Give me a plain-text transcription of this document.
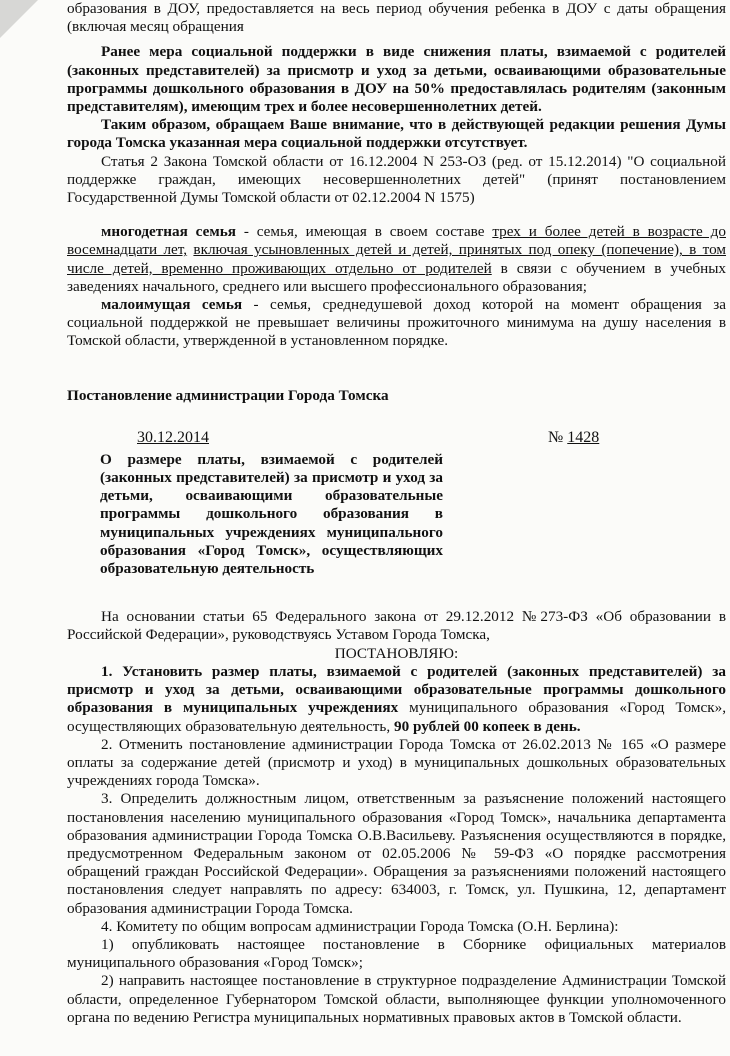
образования в ДОУ, предоставляется на весь период обучения ребенка в ДОУ с даты обращения (включая месяц обращения

Ранее мера социальной поддержки в виде снижения платы, взимаемой с родителей (законных представителей) за присмотр и уход за детьми, осваивающими образовательные программы дошкольного образования в ДОУ на 50% предоставлялась родителям (законным представителям), имеющим трех и более несовершеннолетних детей.

Таким образом, обращаем Ваше внимание, что в действующей редакции решения Думы города Томска указанная мера социальной поддержки отсутствует.

Статья 2 Закона Томской области от 16.12.2004 N 253-ОЗ (ред. от 15.12.2014) "О социальной поддержке граждан, имеющих несовершеннолетних детей" (принят постановлением Государственной Думы Томской области от 02.12.2004 N 1575)

многодетная семья - семья, имеющая в своем составе трех и более детей в возрасте до восемнадцати лет, включая усыновленных детей и детей, принятых под опеку (попечение), в том числе детей, временно проживающих отдельно от родителей в связи с обучением в учебных заведениях начального, среднего или высшего профессионального образования;

малоимущая семья - семья, среднедушевой доход которой на момент обращения за социальной поддержкой не превышает величины прожиточного минимума на душу населения в Томской области, утвержденной в установленном порядке.

Постановление администрации Города Томска

30.12.2014	№ 1428

О размере платы, взимаемой с родителей (законных представителей) за присмотр и уход за детьми, осваивающими образовательные программы дошкольного образования в муниципальных учреждениях муниципального образования «Город Томск», осуществляющих образовательную деятельность

На основании статьи 65 Федерального закона от 29.12.2012 №273-ФЗ «Об образовании в Российской Федерации», руководствуясь Уставом Города Томска,

ПОСТАНОВЛЯЮ:

1. Установить размер платы, взимаемой с родителей (законных представителей) за присмотр и уход за детьми, осваивающими образовательные программы дошкольного образования в муниципальных учреждениях муниципального образования «Город Томск», осуществляющих образовательную деятельность, 90 рублей 00 копеек в день.

2. Отменить постановление администрации Города Томска от 26.02.2013 № 165 «О размере оплаты за содержание детей (присмотр и уход) в муниципальных дошкольных образовательных учреждениях города Томска».

3. Определить должностным лицом, ответственным за разъяснение положений настоящего постановления населению муниципального образования «Город Томск», начальника департамента образования администрации Города Томска О.В.Васильеву. Разъяснения осуществляются в порядке, предусмотренном Федеральным законом от 02.05.2006 № 59-ФЗ «О порядке рассмотрения обращений граждан Российской Федерации». Обращения за разъяснениями положений настоящего постановления следует направлять по адресу: 634003, г. Томск, ул. Пушкина, 12, департамент образования администрации Города Томска.

4. Комитету по общим вопросам администрации Города Томска (О.Н. Берлина):

1) опубликовать настоящее постановление в Сборнике официальных материалов муниципального образования «Город Томск»;

2) направить настоящее постановление в структурное подразделение Администрации Томской области, определенное Губернатором Томской области, выполняющее функции уполномоченного органа по ведению Регистра муниципальных нормативных правовых актов в Томской области.
